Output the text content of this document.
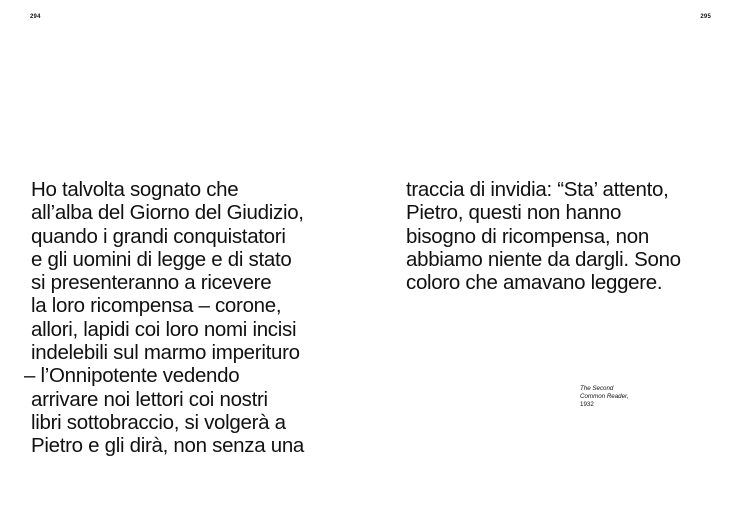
294	295
Ho talvolta sognato che
all’alba del Giorno del Giudizio,
quando i grandi conquistatori
e gli uomini di legge e di stato
si presenteranno a ricevere
la loro ricompensa – corone,
allori, lapidi coi loro nomi incisi
indelebili sul marmo imperituro
– l’Onnipotente vedendo
arrivare noi lettori coi nostri
libri sottobraccio, si volgerà a
Pietro e gli dirà, non senza una
traccia di invidia: “Sta’ attento,
Pietro, questi non hanno
bisogno di ricompensa, non
abbiamo niente da dargli. Sono
coloro che amavano leggere.
The Second
Common Reader,
1932
